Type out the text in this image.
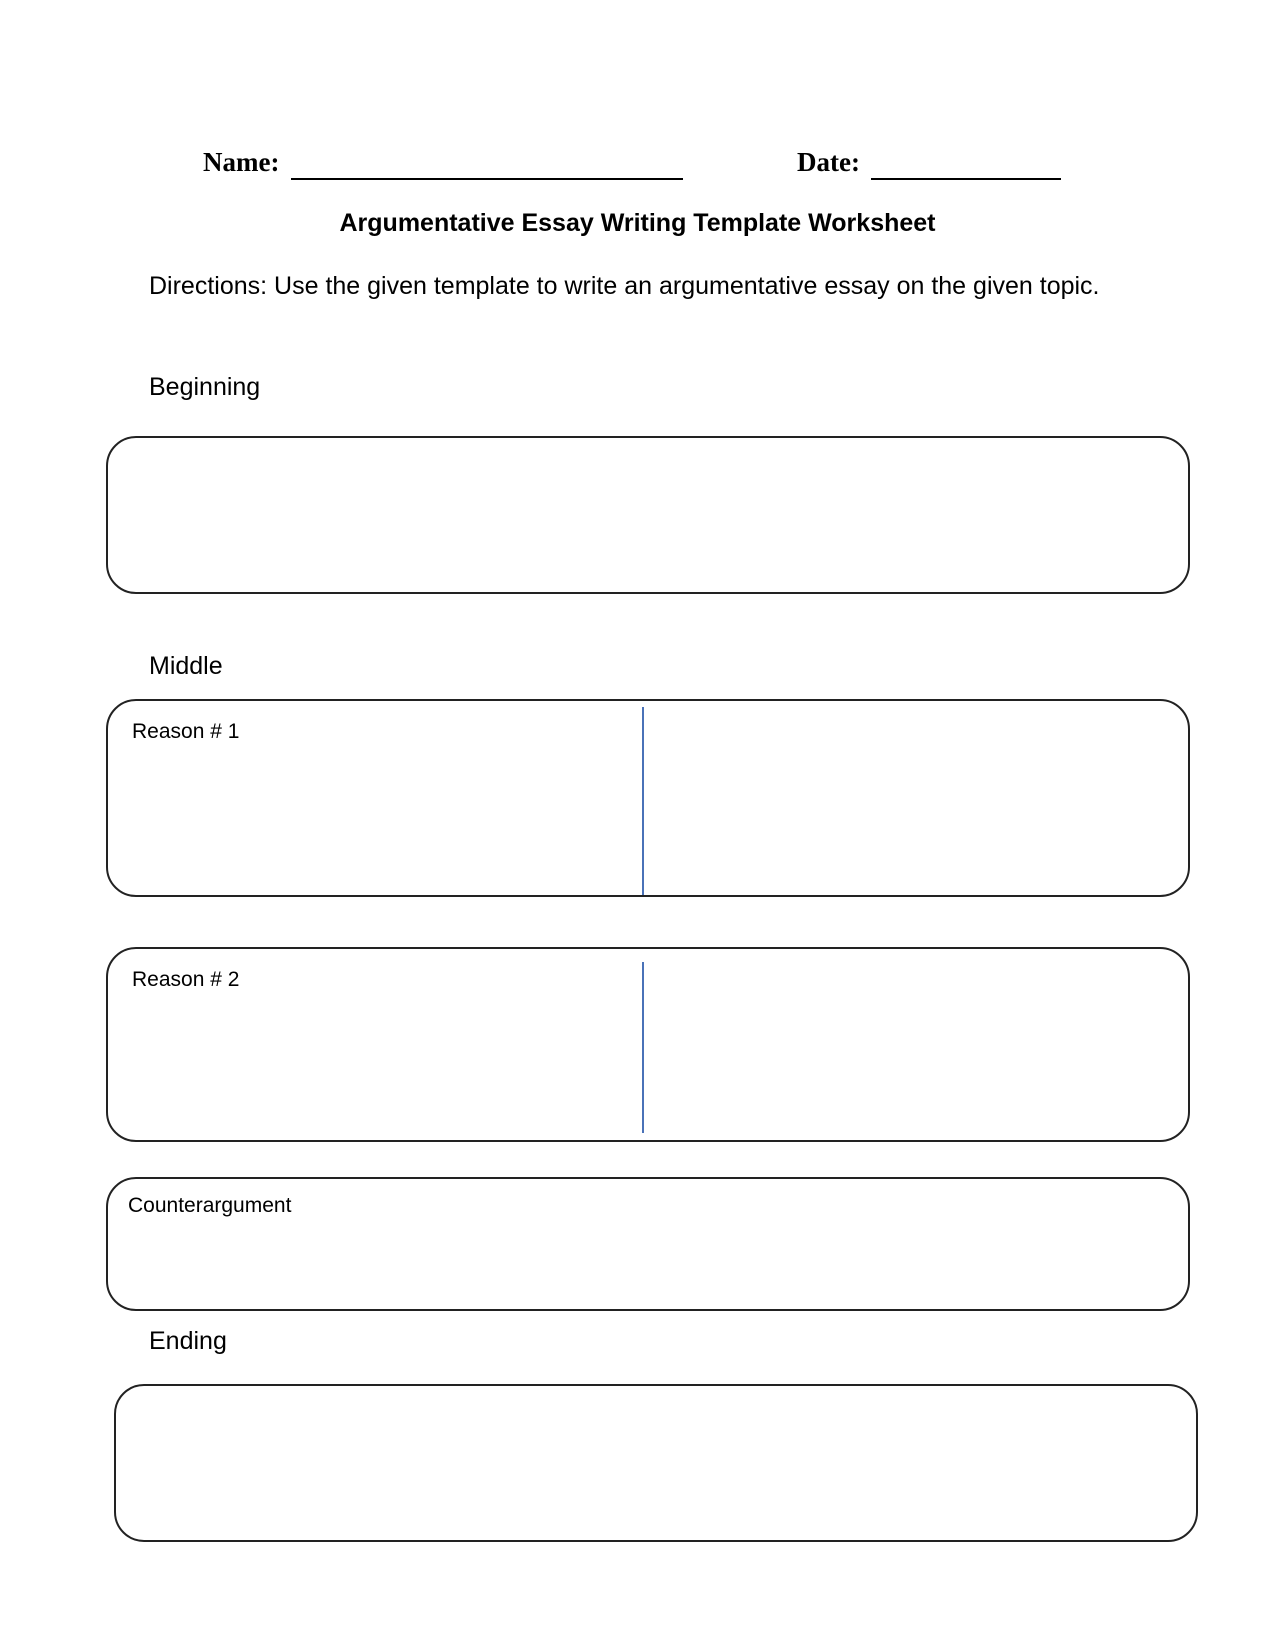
Name:	Date:
Argumentative Essay Writing Template Worksheet
Directions: Use the given template to write an argumentative essay on the given topic.
Beginning
Middle
Reason # 1
Reason # 2
Counterargument
Ending
